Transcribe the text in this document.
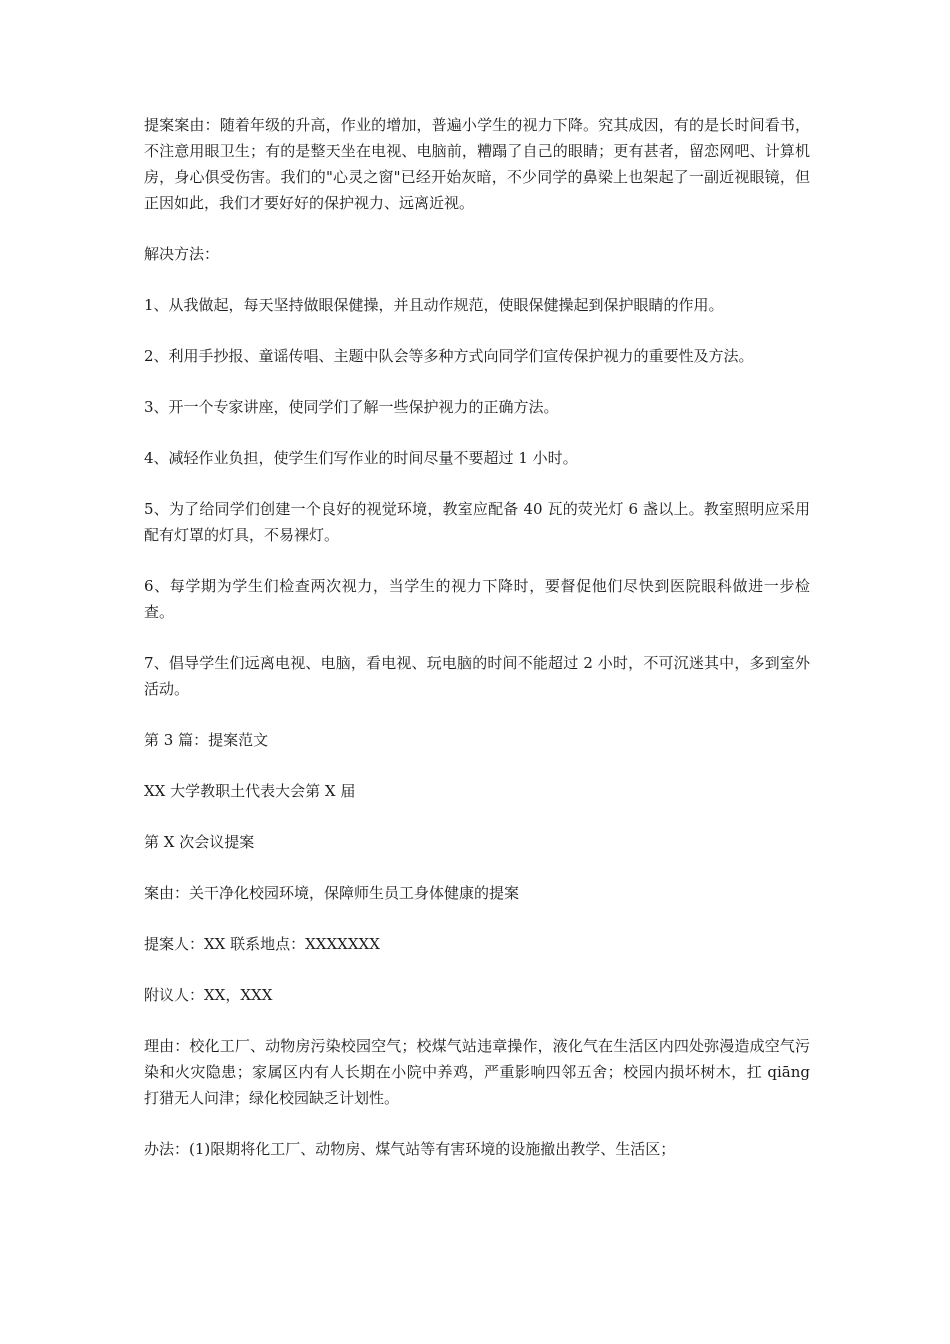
提案案由：随着年级的升高，作业的增加，普遍小学生的视力下降。究其成因，有的是长时间看书，不注意用眼卫生；有的是整天坐在电视、电脑前，糟蹋了自己的眼睛；更有甚者，留恋网吧、计算机房，身心俱受伤害。我们的"心灵之窗"已经开始灰暗，不少同学的鼻梁上也架起了一副近视眼镜，但正因如此，我们才要好好的保护视力、远离近视。

解决方法：

1、从我做起，每天坚持做眼保健操，并且动作规范，使眼保健操起到保护眼睛的作用。

2、利用手抄报、童谣传唱、主题中队会等多种方式向同学们宣传保护视力的重要性及方法。

3、开一个专家讲座，使同学们了解一些保护视力的正确方法。

4、减轻作业负担，使学生们写作业的时间尽量不要超过 1 小时。

5、为了给同学们创建一个良好的视觉环境，教室应配备 40 瓦的荧光灯 6 盏以上。教室照明应采用配有灯罩的灯具，不易裸灯。

6、每学期为学生们检查两次视力，当学生的视力下降时，要督促他们尽快到医院眼科做进一步检查。

7、倡导学生们远离电视、电脑，看电视、玩电脑的时间不能超过 2 小时，不可沉迷其中，多到室外活动。

第 3 篇：提案范文

XX 大学教职土代表大会第 X 届

第 X 次会议提案

案由：关干净化校园环境，保障师生员工身体健康的提案

提案人：XX 联系地点：XXXXXXX

附议人：XX，XXX

理由：校化工厂、动物房污染校园空气；校煤气站违章操作，液化气在生活区内四处弥漫造成空气污染和火灾隐患；家属区内有人长期在小院中养鸡，严重影响四邻五舍；校园内损坏树木，扛 qiāng 打猎无人问津；绿化校园缺乏计划性。

办法：(1)限期将化工厂、动物房、煤气站等有害环境的设施撤出教学、生活区；
